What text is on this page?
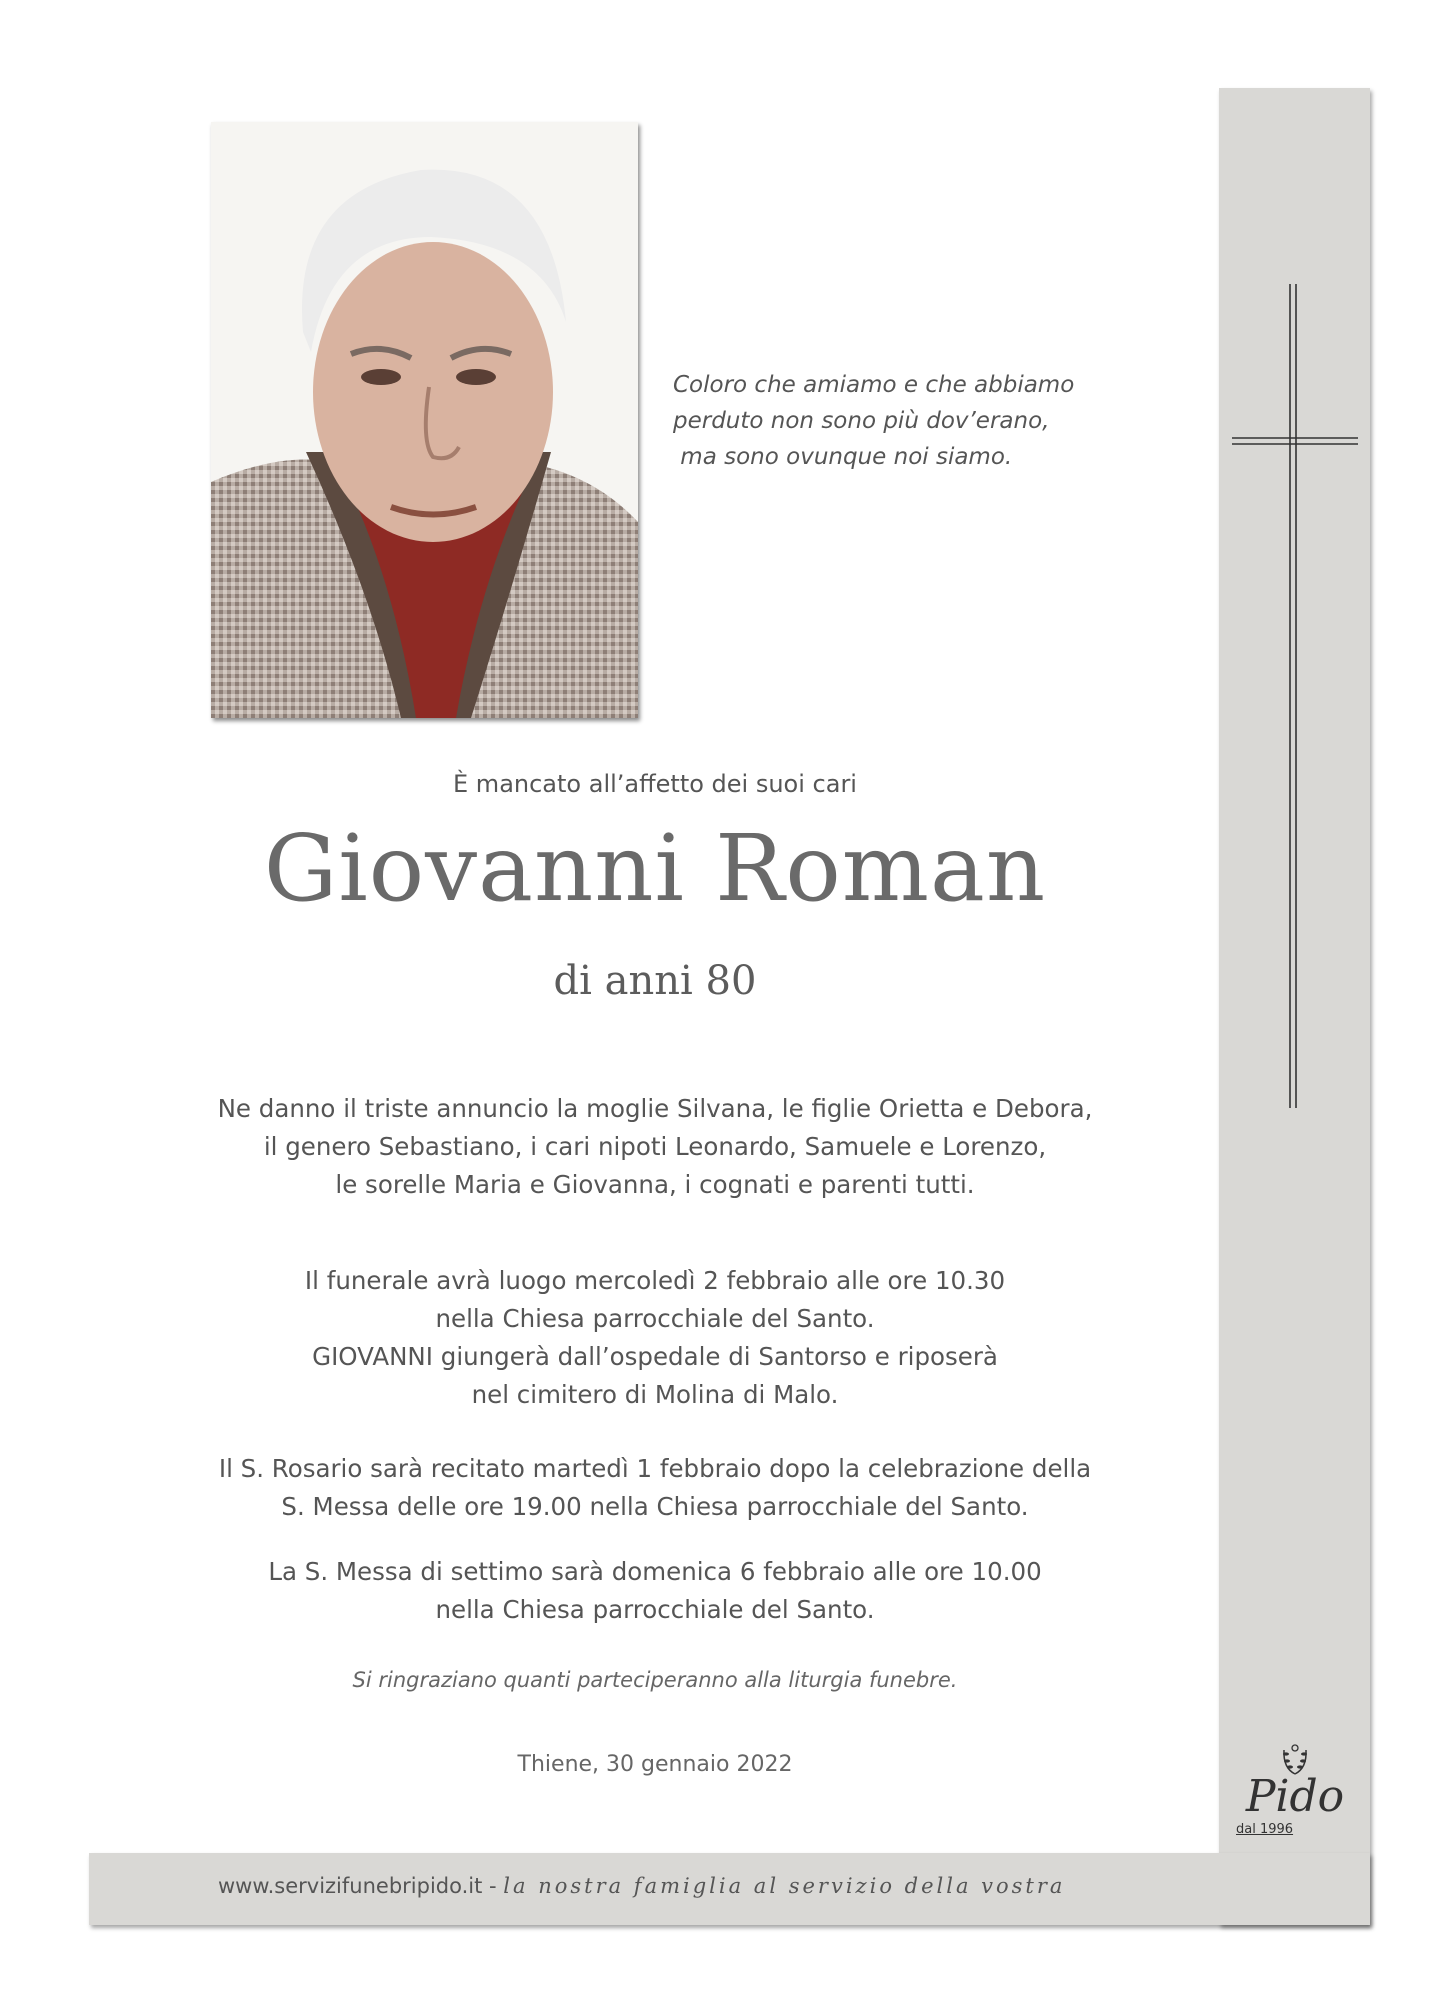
Coloro che amiamo e che abbiamo
perduto non sono più dov’erano,
ma sono ovunque noi siamo.
È mancato all’affetto dei suoi cari
Giovanni Roman
di anni 80
Ne danno il triste annuncio la moglie Silvana, le figlie Orietta e Debora,
il genero Sebastiano, i cari nipoti Leonardo, Samuele e Lorenzo,
le sorelle Maria e Giovanna, i cognati e parenti tutti.
Il funerale avrà luogo mercoledì 2 febbraio alle ore 10.30
nella Chiesa parrocchiale del Santo.
GIOVANNI giungerà dall’ospedale di Santorso e riposerà
nel cimitero di Molina di Malo.
Il S. Rosario sarà recitato martedì 1 febbraio dopo la celebrazione della
S. Messa delle ore 19.00 nella Chiesa parrocchiale del Santo.
La S. Messa di settimo sarà domenica 6 febbraio alle ore 10.00
nella Chiesa parrocchiale del Santo.
Si ringraziano quanti parteciperanno alla liturgia funebre.
Thiene, 30 gennaio 2022
www.servizifunebripido.it - la nostra famiglia al servizio della vostra
Pido
dal 1996
